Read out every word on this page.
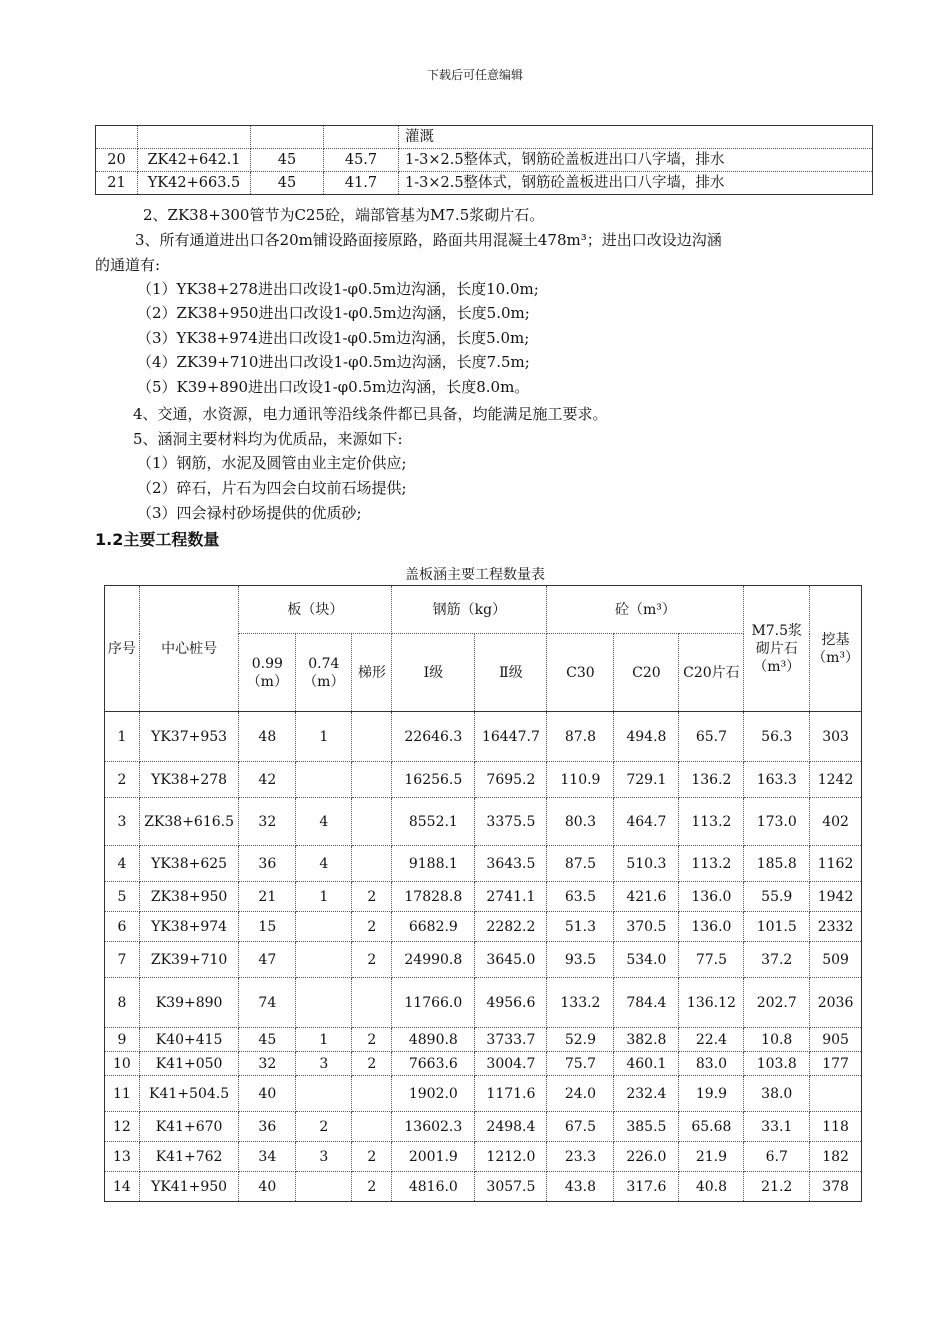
下载后可任意编辑
				灌溉
20	ZK42+642.1	45	45.7	1-3×2.5整体式，钢筋砼盖板进出口八字墙，排水
21	YK42+663.5	45	41.7	1-3×2.5整体式，钢筋砼盖板进出口八字墙，排水
2、ZK38+300管节为C25砼，端部管基为M7.5浆砌片石。
3、所有通道进出口各20m铺设路面接原路，路面共用混凝土478m³；进出口改设边沟涵
的通道有:
（1）YK38+278进出口改设1-φ0.5m边沟涵，长度10.0m;
（2）ZK38+950进出口改设1-φ0.5m边沟涵，长度5.0m;
（3）YK38+974进出口改设1-φ0.5m边沟涵，长度5.0m;
（4）ZK39+710进出口改设1-φ0.5m边沟涵，长度7.5m;
（5）K39+890进出口改设1-φ0.5m边沟涵，长度8.0m。
4、交通，水资源，电力通讯等沿线条件都已具备，均能满足施工要求。
5、涵洞主要材料均为优质品，来源如下:
（1）钢筋，水泥及圆管由业主定价供应;
（2）碎石，片石为四会白坟前石场提供;
（3）四会禄村砂场提供的优质砂;
1.2主要工程数量
盖板涵主要工程数量表
序号	中心桩号	板（块）			钢筋（kg）		砼（m³）			M7.5浆砌片石（m³）	挖基（m³）
		0.99（m）	0.74（m）	梯形	Ⅰ级	Ⅱ级	C30	C20	C20片石		
1	YK37+953	48	1		22646.3	16447.7	87.8	494.8	65.7	56.3	303
2	YK38+278	42			16256.5	7695.2	110.9	729.1	136.2	163.3	1242
3	ZK38+616.5	32	4		8552.1	3375.5	80.3	464.7	113.2	173.0	402
4	YK38+625	36	4		9188.1	3643.5	87.5	510.3	113.2	185.8	1162
5	ZK38+950	21	1	2	17828.8	2741.1	63.5	421.6	136.0	55.9	1942
6	YK38+974	15		2	6682.9	2282.2	51.3	370.5	136.0	101.5	2332
7	ZK39+710	47		2	24990.8	3645.0	93.5	534.0	77.5	37.2	509
8	K39+890	74			11766.0	4956.6	133.2	784.4	136.12	202.7	2036
9	K40+415	45	1	2	4890.8	3733.7	52.9	382.8	22.4	10.8	905
10	K41+050	32	3	2	7663.6	3004.7	75.7	460.1	83.0	103.8	177
11	K41+504.5	40			1902.0	1171.6	24.0	232.4	19.9	38.0	
12	K41+670	36	2		13602.3	2498.4	67.5	385.5	65.68	33.1	118
13	K41+762	34	3	2	2001.9	1212.0	23.3	226.0	21.9	6.7	182
14	YK41+950	40		2	4816.0	3057.5	43.8	317.6	40.8	21.2	378
